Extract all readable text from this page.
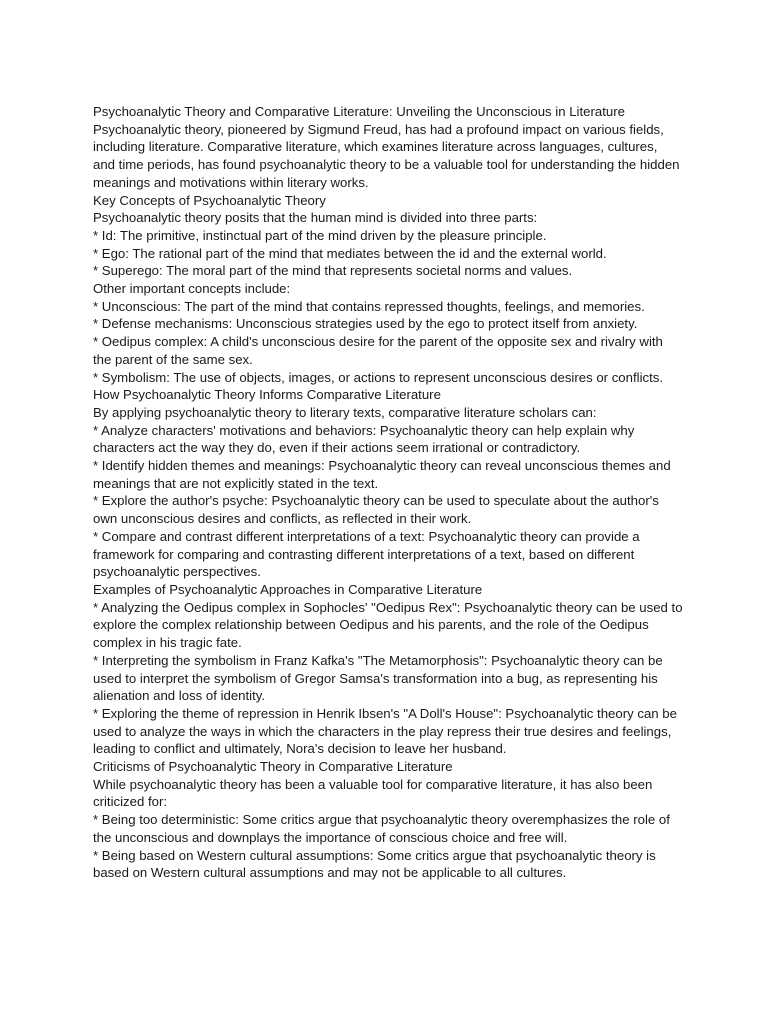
Psychoanalytic Theory and Comparative Literature: Unveiling the Unconscious in Literature

Psychoanalytic theory, pioneered by Sigmund Freud, has had a profound impact on various fields, including literature. Comparative literature, which examines literature across languages, cultures, and time periods, has found psychoanalytic theory to be a valuable tool for understanding the hidden meanings and motivations within literary works.

Key Concepts of Psychoanalytic Theory

Psychoanalytic theory posits that the human mind is divided into three parts:

* Id: The primitive, instinctual part of the mind driven by the pleasure principle.

* Ego: The rational part of the mind that mediates between the id and the external world.

* Superego: The moral part of the mind that represents societal norms and values.

Other important concepts include:

* Unconscious: The part of the mind that contains repressed thoughts, feelings, and memories.

* Defense mechanisms: Unconscious strategies used by the ego to protect itself from anxiety.

* Oedipus complex: A child's unconscious desire for the parent of the opposite sex and rivalry with the parent of the same sex.

* Symbolism: The use of objects, images, or actions to represent unconscious desires or conflicts.

How Psychoanalytic Theory Informs Comparative Literature

By applying psychoanalytic theory to literary texts, comparative literature scholars can:

* Analyze characters' motivations and behaviors: Psychoanalytic theory can help explain why characters act the way they do, even if their actions seem irrational or contradictory.

* Identify hidden themes and meanings: Psychoanalytic theory can reveal unconscious themes and meanings that are not explicitly stated in the text.

* Explore the author's psyche: Psychoanalytic theory can be used to speculate about the author's own unconscious desires and conflicts, as reflected in their work.

* Compare and contrast different interpretations of a text: Psychoanalytic theory can provide a framework for comparing and contrasting different interpretations of a text, based on different psychoanalytic perspectives.

Examples of Psychoanalytic Approaches in Comparative Literature

* Analyzing the Oedipus complex in Sophocles' "Oedipus Rex": Psychoanalytic theory can be used to explore the complex relationship between Oedipus and his parents, and the role of the Oedipus complex in his tragic fate.

* Interpreting the symbolism in Franz Kafka's "The Metamorphosis": Psychoanalytic theory can be used to interpret the symbolism of Gregor Samsa's transformation into a bug, as representing his alienation and loss of identity.

* Exploring the theme of repression in Henrik Ibsen's "A Doll's House": Psychoanalytic theory can be used to analyze the ways in which the characters in the play repress their true desires and feelings, leading to conflict and ultimately, Nora's decision to leave her husband.

Criticisms of Psychoanalytic Theory in Comparative Literature

While psychoanalytic theory has been a valuable tool for comparative literature, it has also been criticized for:

* Being too deterministic: Some critics argue that psychoanalytic theory overemphasizes the role of the unconscious and downplays the importance of conscious choice and free will.

* Being based on Western cultural assumptions: Some critics argue that psychoanalytic theory is based on Western cultural assumptions and may not be applicable to all cultures.
